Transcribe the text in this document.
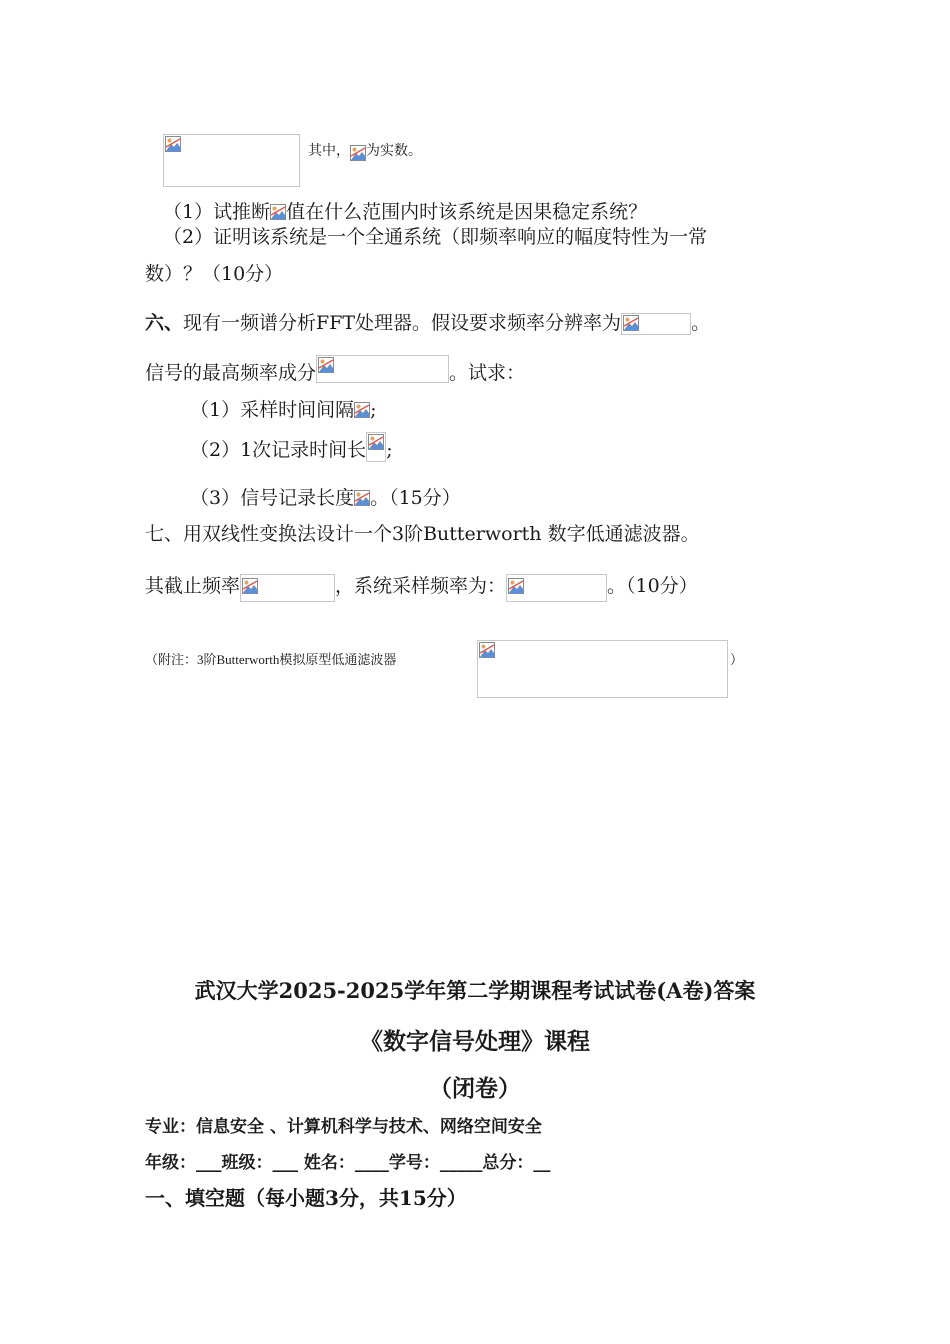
其中， 为实数。
（1）试推断 值在什么范围内时该系统是因果稳定系统？
（2）证明该系统是一个全通系统（即频率响应的幅度特性为一常
数）？（10分）
六、现有一频谱分析FFT处理器。假设要求频率分辨率为	。
信号的最高频率成分	。试求：
（1）采样时间间隔 ;
（2）1次记录时间长 ;
（3）信号记录长度 。（15分）
七、用双线性变换法设计一个3阶Butterworth 数字低通滤波器。
其截止频率	，系统采样频率为：	。（10分）
（附注：3阶Butterworth模拟原型低通滤波器	）
武汉大学2025-2025学年第二学期课程考试试卷(A卷)答案
《数字信号处理》课程
（闭卷）
专业：信息安全 、计算机科学与技术、网络空间安全
年级：___班级：___ 姓名：____学号：_____总分：__
一、填空题（每小题3分，共15分）
